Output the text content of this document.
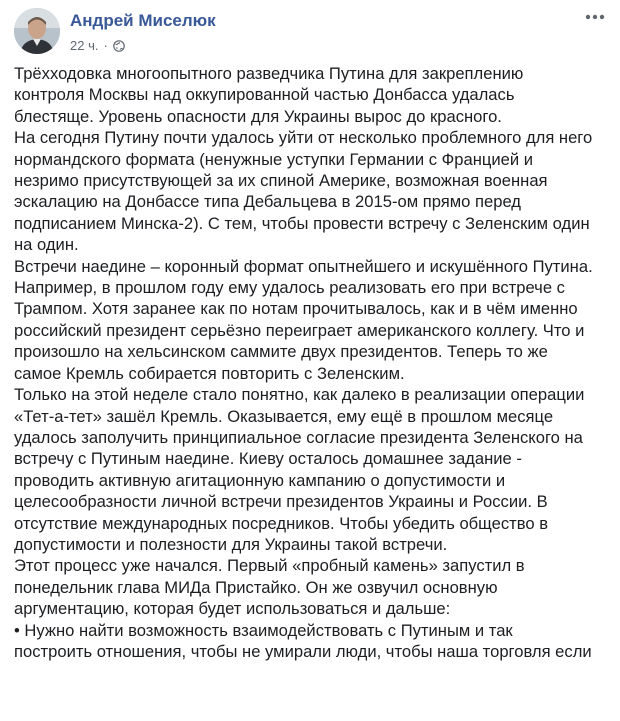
Андрей Миселюк
22 ч. ·

Трёхходовка многоопытного разведчика Путина для закреплению

контроля Москвы над оккупированной частью Донбасса удалась

блестяще. Уровень опасности для Украины вырос до красного.

На сегодня Путину почти удалось уйти от несколько проблемного для него

нормандского формата (ненужные уступки Германии с Францией и

незримо присутствующей за их спиной Америке, возможная военная

эскалацию на Донбассе типа Дебальцева в 2015-ом прямо перед

подписанием Минска-2). С тем, чтобы провести встречу с Зеленским один

на один.

Встречи наедине – коронный формат опытнейшего и искушённого Путина.

Например, в прошлом году ему удалось реализовать его при встрече с

Трампом. Хотя заранее как по нотам прочитывалось, как и в чём именно

российский президент серьёзно переиграет американского коллегу. Что и

произошло на хельсинском саммите двух президентов. Теперь то же

самое Кремль собирается повторить с Зеленским.

Только на этой неделе стало понятно, как далеко в реализации операции

«Тет-а-тет» зашёл Кремль. Оказывается, ему ещё в прошлом месяце

удалось заполучить принципиальное согласие президента Зеленского на

встречу с Путиным наедине. Киеву осталось домашнее задание -

проводить активную агитационную кампанию о допустимости и

целесообразности личной встречи президентов Украины и России. В

отсутствие международных посредников. Чтобы убедить общество в

допустимости и полезности для Украины такой встречи.

Этот процесс уже начался. Первый «пробный камень» запустил в

понедельник глава МИДа Пристайко. Он же озвучил основную

аргументацию, которая будет использоваться и дальше:

• Нужно найти возможность взаимодействовать с Путиным и так

построить отношения, чтобы не умирали люди, чтобы наша торговля если
